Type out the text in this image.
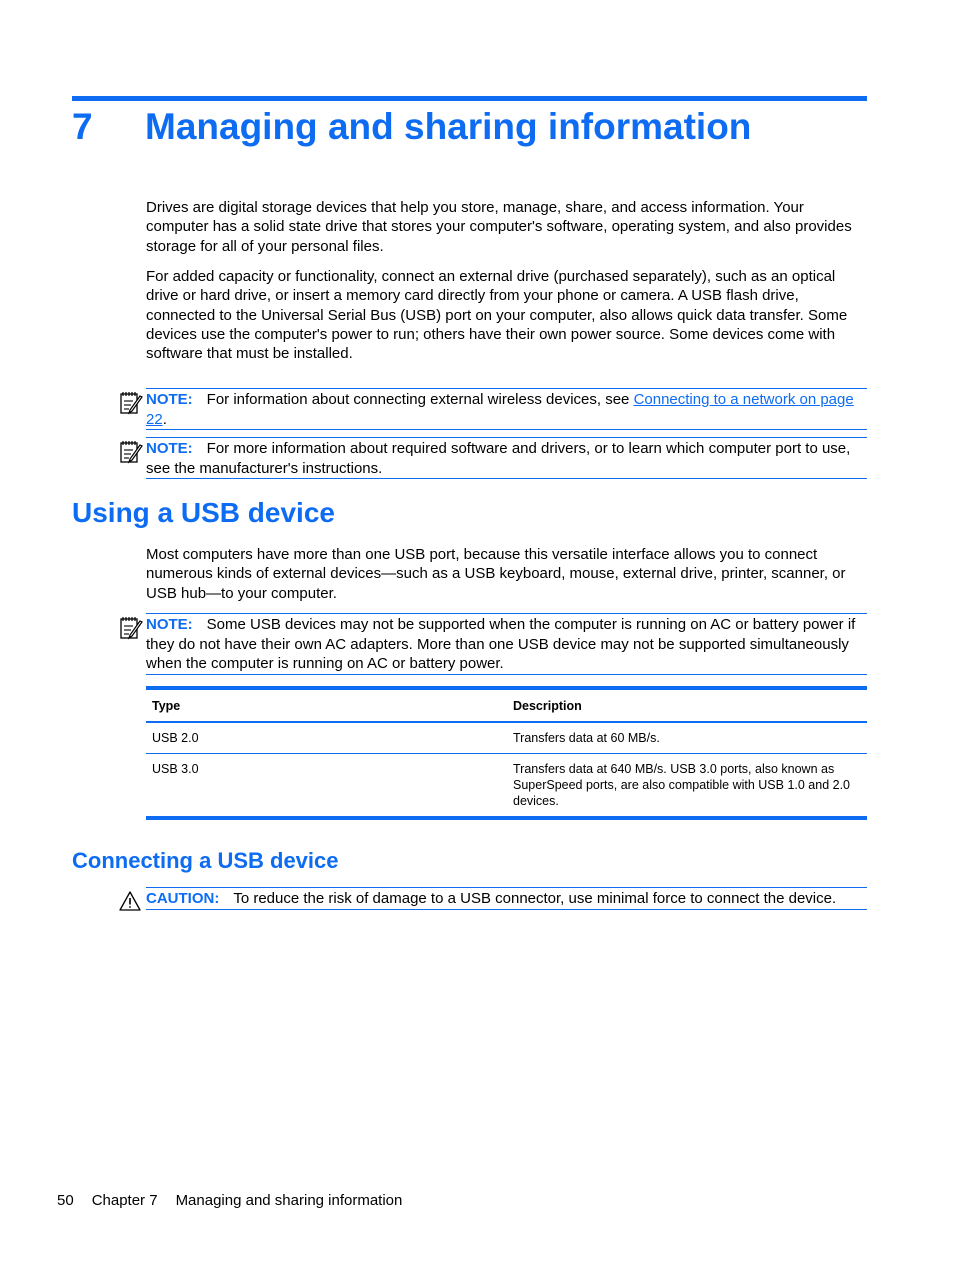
7 Managing and sharing information

Drives are digital storage devices that help you store, manage, share, and access information. Your computer has a solid state drive that stores your computer's software, operating system, and also provides storage for all of your personal files.

For added capacity or functionality, connect an external drive (purchased separately), such as an optical drive or hard drive, or insert a memory card directly from your phone or camera. A USB flash drive, connected to the Universal Serial Bus (USB) port on your computer, also allows quick data transfer. Some devices use the computer's power to run; others have their own power source. Some devices come with software that must be installed.

NOTE: For information about connecting external wireless devices, see Connecting to a network on page 22.
NOTE: For more information about required software and drivers, or to learn which computer port to use, see the manufacturer's instructions.
Using a USB device

Most computers have more than one USB port, because this versatile interface allows you to connect numerous kinds of external devices—such as a USB keyboard, mouse, external drive, printer, scanner, or USB hub—to your computer.

NOTE: Some USB devices may not be supported when the computer is running on AC or battery power if they do not have their own AC adapters. More than one USB device may not be supported simultaneously when the computer is running on AC or battery power.
Type	Description
USB 2.0	Transfers data at 60 MB/s.
USB 3.0	Transfers data at 640 MB/s. USB 3.0 ports, also known as SuperSpeed ports, are also compatible with USB 1.0 and 2.0 devices.
Connecting a USB device
CAUTION: To reduce the risk of damage to a USB connector, use minimal force to connect the device.
50 Chapter 7 Managing and sharing information
